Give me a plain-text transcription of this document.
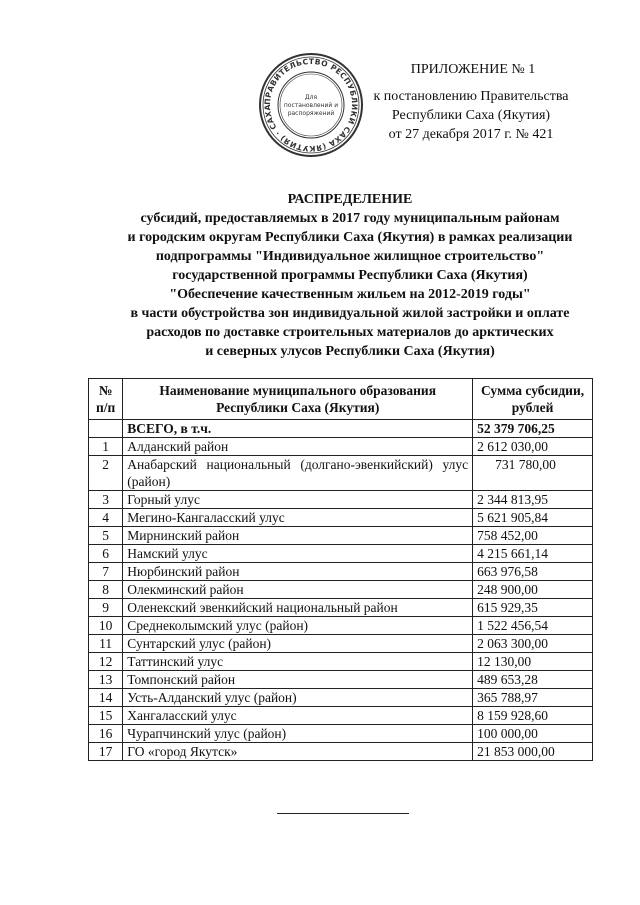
ПРАВИТЕЛЬСТВО РЕСПУБЛИКИ САХА (ЯКУТИЯ) · САХА
Для
постановлений и
распоряжений
ПРИЛОЖЕНИЕ № 1
к постановлению Правительства
Республики Саха (Якутия)
от 27 декабря 2017 г. № 421
РАСПРЕДЕЛЕНИЕ
субсидий, предоставляемых в 2017 году муниципальным районам
и городским округам Республики Саха (Якутия) в рамках реализации
подпрограммы "Индивидуальное жилищное строительство"
государственной программы Республики Саха (Якутия)
"Обеспечение качественным жильем на 2012-2019 годы"
в части обустройства зон индивидуальной жилой застройки и оплате
расходов по доставке строительных материалов до арктических
и северных улусов Республики Саха (Якутия)
№ п/п	Наименование муниципального образования Республики Саха (Якутия)	Сумма субсидии, рублей
	ВСЕГО, в т.ч.	52 379 706,25
1	Алданский район	2 612 030,00
2	Анабарский национальный (долгано-эвенкийский) улус (район)	731 780,00
3	Горный улус	2 344 813,95
4	Мегино-Кангаласский улус	5 621 905,84
5	Мирнинский район	758 452,00
6	Намский улус	4 215 661,14
7	Нюрбинский район	663 976,58
8	Олекминский район	248 900,00
9	Оленекский эвенкийский национальный район	615 929,35
10	Среднеколымский улус (район)	1 522 456,54
11	Сунтарский улус (район)	2 063 300,00
12	Таттинский улус	12 130,00
13	Томпонский район	489 653,28
14	Усть-Алданский улус (район)	365 788,97
15	Хангаласский улус	8 159 928,60
16	Чурапчинский улус (район)	100 000,00
17	ГО «город Якутск»	21 853 000,00
